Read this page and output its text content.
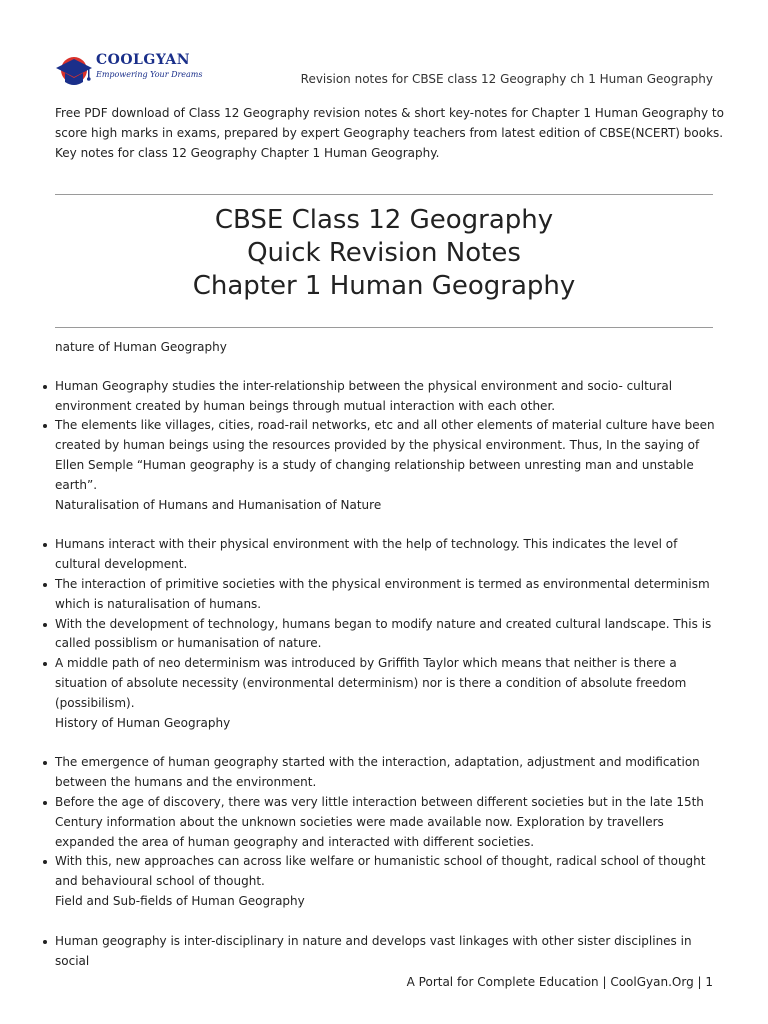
COOLGYAN
Empowering Your Dreams	Revision notes for CBSE class 12 Geography ch 1 Human Geography
Free PDF download of Class 12 Geography revision notes & short key-notes for Chapter 1 Human Geography to score high marks in exams, prepared by expert Geography teachers from latest edition of CBSE(NCERT) books. Key notes for class 12 Geography Chapter 1 Human Geography.
CBSE Class 12 Geography
Quick Revision Notes
Chapter 1 Human Geography

nature of Human Geography

Human Geography studies the inter-relationship between the physical environment and socio- cultural environment created by human beings through mutual interaction with each other.
The elements like villages, cities, road-rail networks, etc and all other elements of material culture have been created by human beings using the resources provided by the physical environment. Thus, In the saying of Ellen Semple “Human geography is a study of changing relationship between unresting man and unstable earth”.

Naturalisation of Humans and Humanisation of Nature

Humans interact with their physical environment with the help of technology. This indicates the level of cultural development.
The interaction of primitive societies with the physical environment is termed as environmental determinism which is naturalisation of humans.
With the development of technology, humans began to modify nature and created cultural landscape. This is called possiblism or humanisation of nature.
A middle path of neo determinism was introduced by Griffith Taylor which means that neither is there a situation of absolute necessity (environmental determinism) nor is there a condition of absolute freedom (possibilism).

History of Human Geography

The emergence of human geography started with the interaction, adaptation, adjustment and modification between the humans and the environment.
Before the age of discovery, there was very little interaction between different societies but in the late 15th Century information about the unknown societies were made available now. Exploration by travellers expanded the area of human geography and interacted with different societies.
With this, new approaches can across like welfare or humanistic school of thought, radical school of thought and behavioural school of thought.

Field and Sub-fields of Human Geography

Human geography is inter-disciplinary in nature and develops vast linkages with other sister disciplines in social
A Portal for Complete Education | CoolGyan.Org | 1
